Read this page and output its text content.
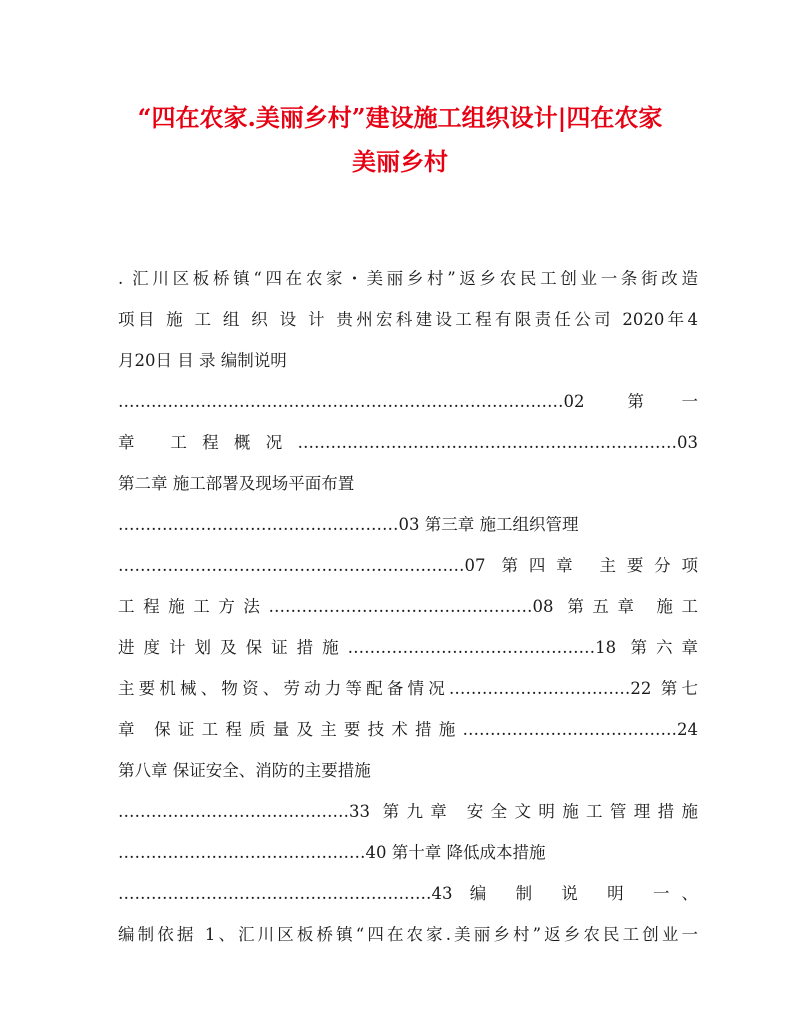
“四在农家.美丽乡村”建设施工组织设计|四在农家
美丽乡村
. 汇川区板桥镇“四在农家・美丽乡村”返乡农民工创业一条街改造
项目 施 工 组 织 设 计 贵州宏科建设工程有限责任公司 2020年4
月20日 目 录 编制说明
………………………………………………………………………02 第一
章 工程概况……………………………………………………………03
第二章 施工部署及现场平面布置
……………………………………………03 第三章 施工组织管理
………………………………………………………07 第四章 主要分项
工程施工方法…………………………………………08 第五章 施工
进度计划及保证措施………………………………………18 第六章
主要机械、物资、劳动力等配备情况……………………………22 第七
章 保证工程质量及主要技术措施…………………………………24
第八章 保证安全、消防的主要措施
……………………………………33 第九章 安全文明施工管理措施
………………………………………40 第十章 降低成本措施
…………………………………………………43 编 制 说 明 一、
编制依据 1、汇川区板桥镇“四在农家.美丽乡村”返乡农民工创业一
